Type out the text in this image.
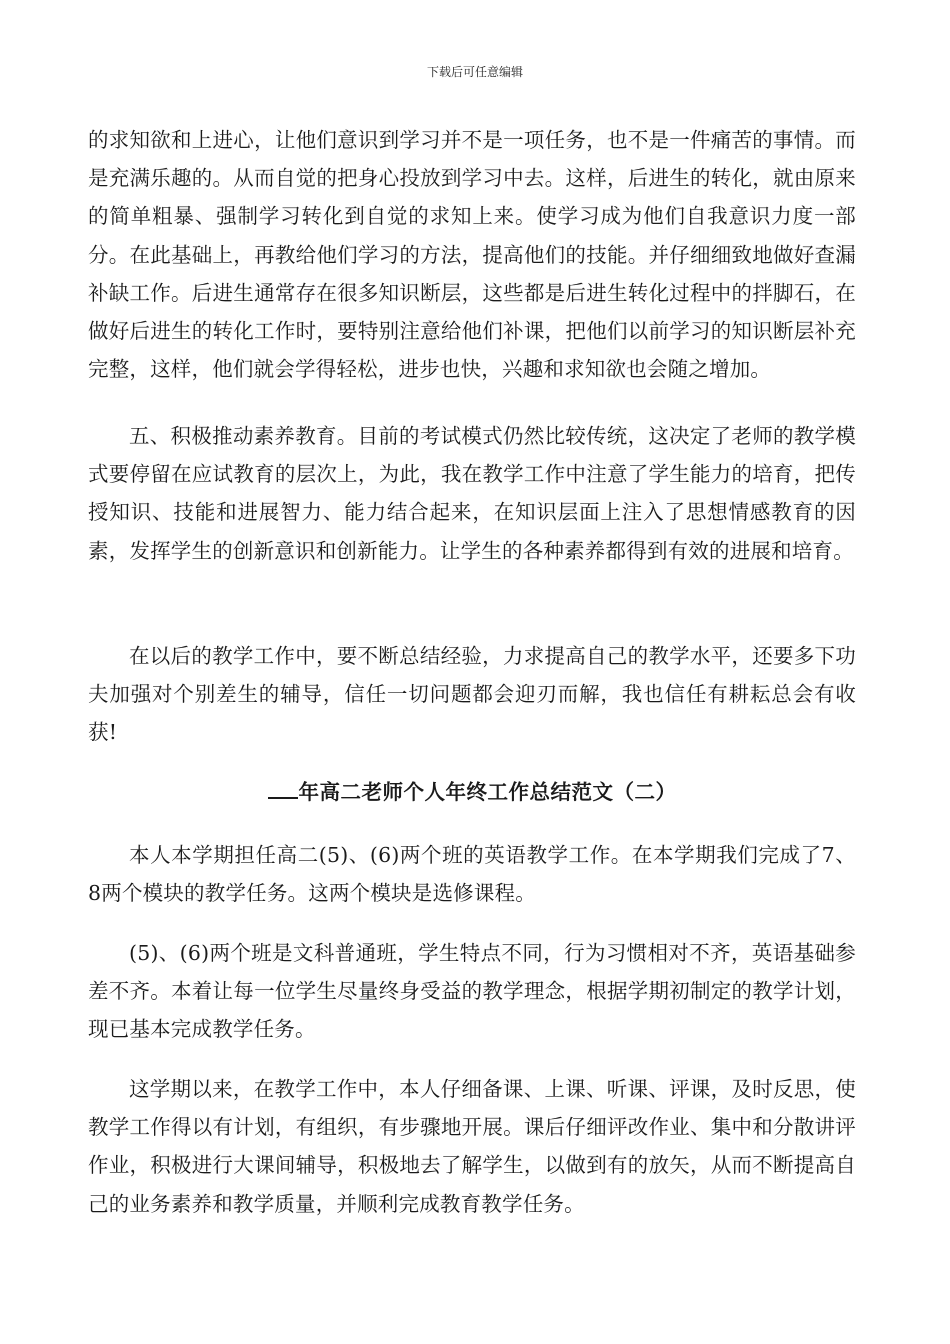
下载后可任意编辑

的求知欲和上进心，让他们意识到学习并不是一项任务，也不是一件痛苦的事情。而是充满乐趣的。从而自觉的把身心投放到学习中去。这样，后进生的转化，就由原来的简单粗暴、强制学习转化到自觉的求知上来。使学习成为他们自我意识力度一部分。在此基础上，再教给他们学习的方法，提高他们的技能。并仔细细致地做好查漏补缺工作。后进生通常存在很多知识断层，这些都是后进生转化过程中的拌脚石，在做好后进生的转化工作时，要特别注意给他们补课，把他们以前学习的知识断层补充完整，这样，他们就会学得轻松，进步也快，兴趣和求知欲也会随之增加。

五、积极推动素养教育。目前的考试模式仍然比较传统，这决定了老师的教学模式要停留在应试教育的层次上，为此，我在教学工作中注意了学生能力的培育，把传授知识、技能和进展智力、能力结合起来，在知识层面上注入了思想情感教育的因素，发挥学生的创新意识和创新能力。让学生的各种素养都得到有效的进展和培育。

在以后的教学工作中，要不断总结经验，力求提高自己的教学水平，还要多下功夫加强对个别差生的辅导，信任一切问题都会迎刃而解，我也信任有耕耘总会有收获!

年高二老师个人年终工作总结范文（二）

本人本学期担任高二(5)、(6)两个班的英语教学工作。在本学期我们完成了7、8两个模块的教学任务。这两个模块是选修课程。

(5)、(6)两个班是文科普通班，学生特点不同，行为习惯相对不齐，英语基础参差不齐。本着让每一位学生尽量终身受益的教学理念，根据学期初制定的教学计划，现已基本完成教学任务。

这学期以来，在教学工作中，本人仔细备课、上课、听课、评课，及时反思，使教学工作得以有计划，有组织，有步骤地开展。课后仔细评改作业、集中和分散讲评作业，积极进行大课间辅导，积极地去了解学生，以做到有的放矢，从而不断提高自己的业务素养和教学质量，并顺利完成教育教学任务。
